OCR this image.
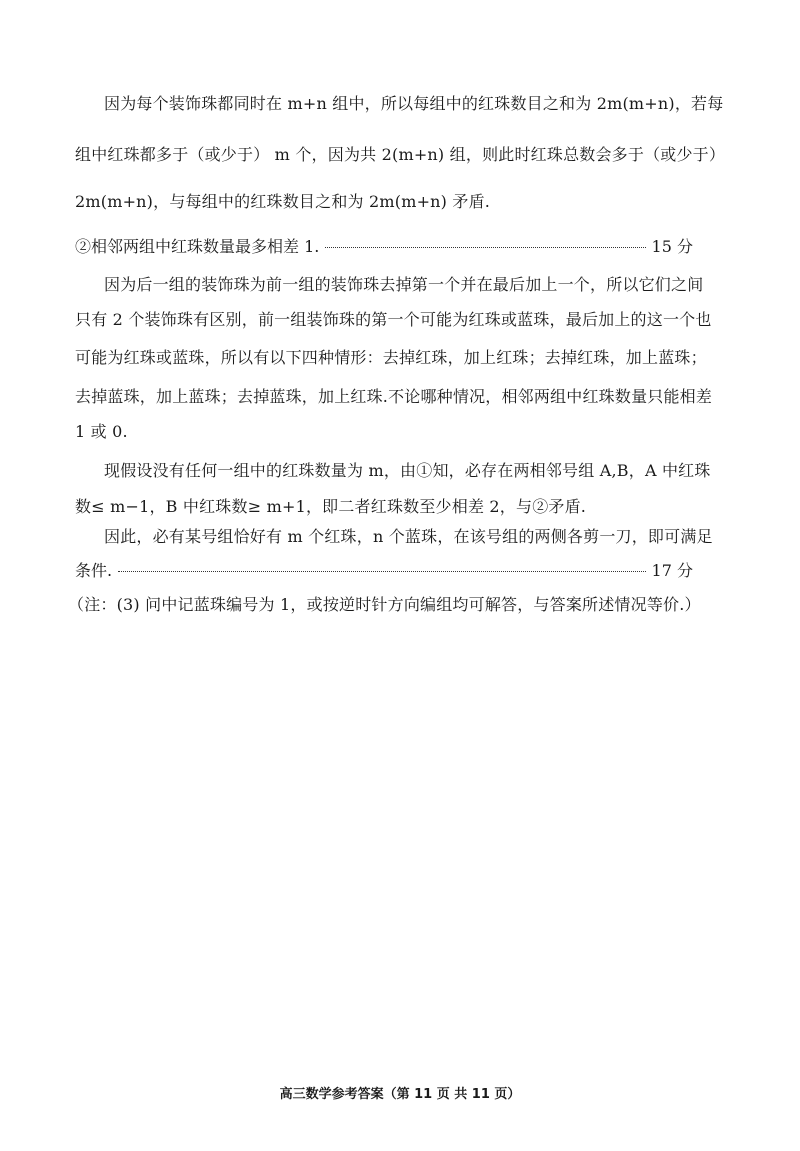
因为每个装饰珠都同时在 m+n 组中，所以每组中的红珠数目之和为 2m(m+n)，若每
组中红珠都多于（或少于） m 个，因为共 2(m+n) 组，则此时红珠总数会多于（或少于）
2m(m+n)，与每组中的红珠数目之和为 2m(m+n) 矛盾.
②相邻两组中红珠数量最多相差 1.	15 分
因为后一组的装饰珠为前一组的装饰珠去掉第一个并在最后加上一个，所以它们之间
只有 2 个装饰珠有区别，前一组装饰珠的第一个可能为红珠或蓝珠，最后加上的这一个也
可能为红珠或蓝珠，所以有以下四种情形：去掉红珠，加上红珠；去掉红珠，加上蓝珠；
去掉蓝珠，加上蓝珠；去掉蓝珠，加上红珠.不论哪种情况，相邻两组中红珠数量只能相差
1 或 0.
现假设没有任何一组中的红珠数量为 m，由①知，必存在两相邻号组 A,B，A 中红珠
数≤ m−1，B 中红珠数≥ m+1，即二者红珠数至少相差 2，与②矛盾.
因此，必有某号组恰好有 m 个红珠，n 个蓝珠，在该号组的两侧各剪一刀，即可满足
条件.	17 分
（注：(3) 问中记蓝珠编号为 1，或按逆时针方向编组均可解答，与答案所述情况等价.）
高三数学参考答案（第 11 页 共 11 页）
